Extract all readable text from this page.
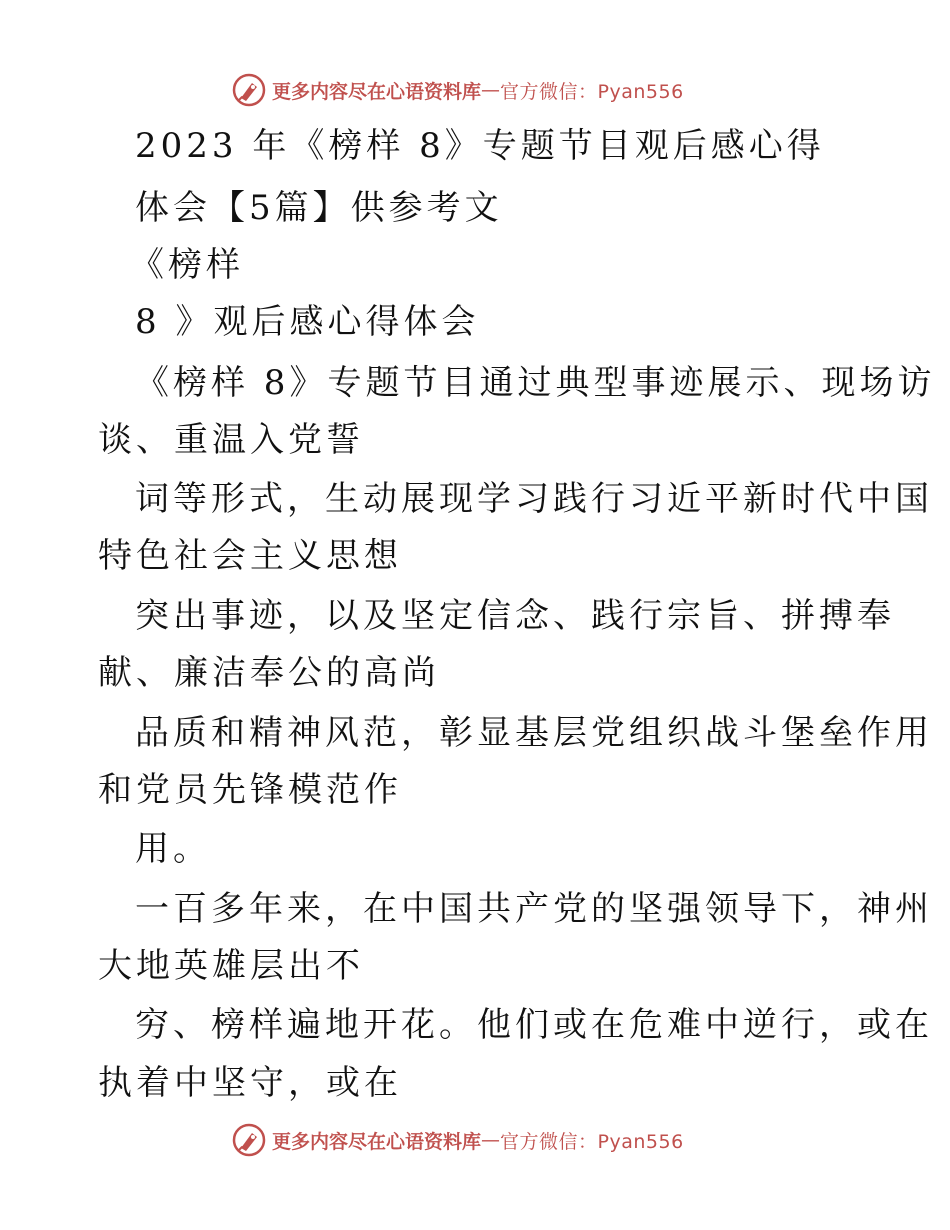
更多内容尽在心语资料库 — 官方微信：Pyan556
2023 年《榜样 8》专题节目观后感心得
体会【5篇】供参考文
《榜样
8 》观后感心得体会
《榜样 8》专题节目通过典型事迹展示、现场访
谈、重温入党誓
词等形式，生动展现学习践行习近平新时代中国
特色社会主义思想
突出事迹，以及坚定信念、践行宗旨、拼搏奉
献、廉洁奉公的高尚
品质和精神风范，彰显基层党组织战斗堡垒作用
和党员先锋模范作
用。
一百多年来，在中国共产党的坚强领导下，神州
大地英雄层出不
穷、榜样遍地开花。他们或在危难中逆行，或在
执着中坚守，或在
更多内容尽在心语资料库 — 官方微信：Pyan556
